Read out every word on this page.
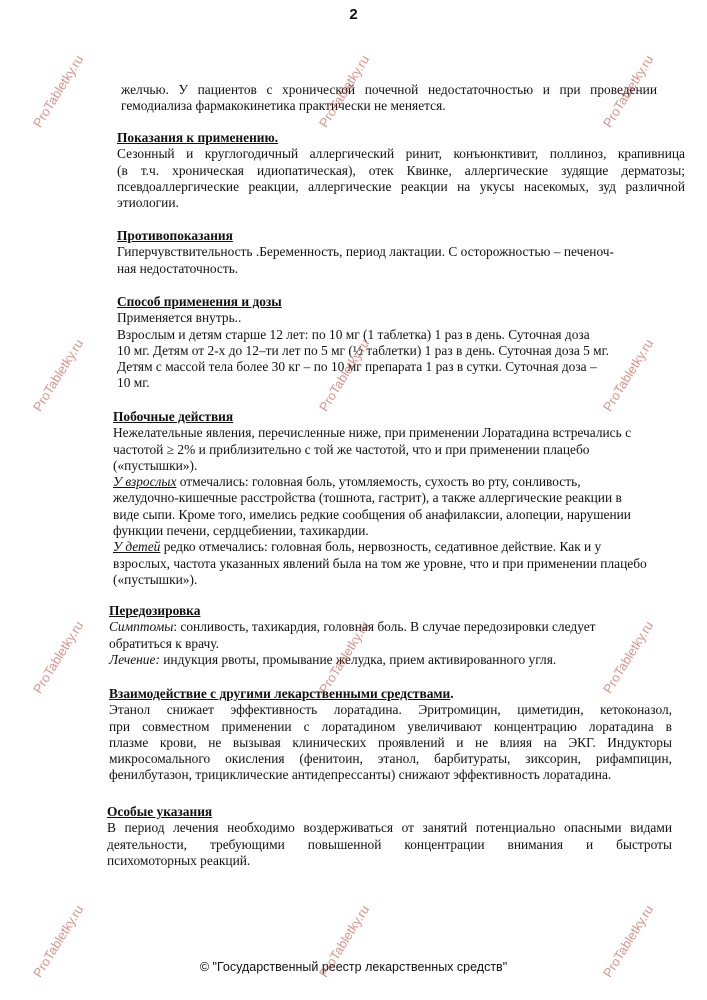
2
желчью. У пациентов с хронической почечной недостаточностью и при проведении
гемодиализа фармакокинетика практически не меняется.
Показания к применению.
Сезонный и круглогодичный аллергический ринит, конъюнктивит, поллиноз, крапивница
(в т.ч. хроническая идиопатическая), отек Квинке, аллергические зудящие дерматозы;
псевдоаллергические реакции, аллергические реакции на укусы насекомых, зуд различной
этиологии.
Противопоказания
Гиперчувствительность .Беременность, период лактации. С осторожностью – печеноч-
ная недостаточность.
Способ применения и дозы
Применяется внутрь..
Взрослым и детям старше 12 лет: по 10 мг (1 таблетка) 1 раз в день. Суточная доза
10 мг. Детям от 2-х до 12–ти лет по 5 мг (½ таблетки) 1 раз в день. Суточная доза 5 мг.
Детям с массой тела более 30 кг – по 10 мг препарата 1 раз в сутки. Суточная доза –
10 мг.
Побочные действия
Нежелательные явления, перечисленные ниже, при применении Лоратадина встречались с
частотой ≥ 2% и приблизительно с той же частотой, что и при применении плацебо
(«пустышки»).
У взрослых отмечались: головная боль, утомляемость, сухость во рту, сонливость,
желудочно-кишечные расстройства (тошнота, гастрит), а также аллергические реакции в
виде сыпи. Кроме того, имелись редкие сообщения об анафилаксии, алопеции, нарушении
функции печени, сердцебиении, тахикардии.
У детей редко отмечались: головная боль, нервозность, седативное действие. Как и у
взрослых, частота указанных явлений была на том же уровне, что и при применении плацебо
(«пустышки»).
Передозировка
Симптомы: сонливость, тахикардия, головная боль. В случае передозировки следует
обратиться к врачу.
Лечение: индукция рвоты, промывание желудка, прием активированного угля.
Взаимодействие с другими лекарственными средствами.
Этанол снижает эффективность лоратадина. Эритромицин, циметидин, кетоконазол,
при совместном применении с лоратадином увеличивают концентрацию лоратадина в
плазме крови, не вызывая клинических проявлений и не влияя на ЭКГ. Индукторы
микросомального окисления (фенитоин, этанол, барбитураты, зиксорин, рифампицин,
фенилбутазон, трициклические антидепрессанты) снижают эффективность лоратадина.
Особые указания
В период лечения необходимо воздерживаться от занятий потенциально опасными видами
деятельности, требующими повышенной концентрации внимания и быстроты
психомоторных реакций.
© "Государственный реестр лекарственных средств"
ProTabletky.ru	ProTabletky.ru	ProTabletky.ru
ProTabletky.ru	ProTabletky.ru	ProTabletky.ru
ProTabletky.ru	ProTabletky.ru	ProTabletky.ru
ProTabletky.ru	ProTabletky.ru	ProTabletky.ru
